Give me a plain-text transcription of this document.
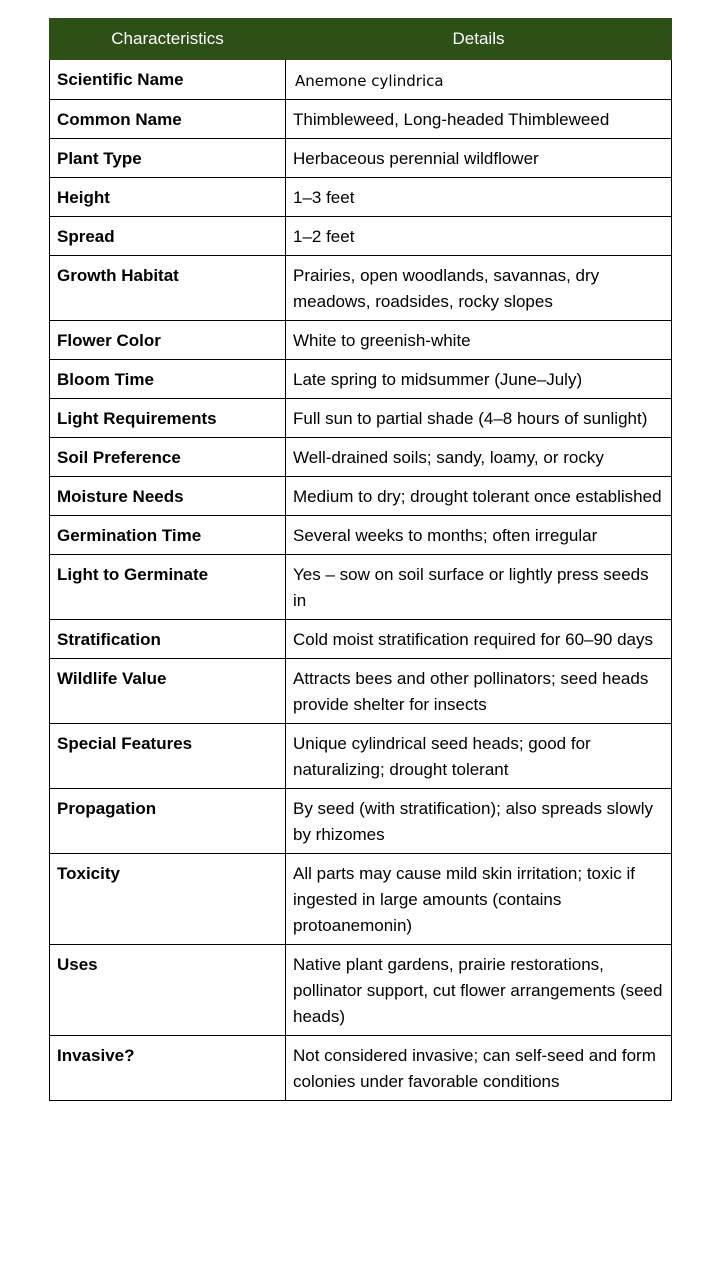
Characteristics	Details
Scientific Name	Anemone cylindrica
Common Name	Thimbleweed, Long-headed Thimbleweed
Plant Type	Herbaceous perennial wildflower
Height	1–3 feet
Spread	1–2 feet
Growth Habitat	Prairies, open woodlands, savannas, dry meadows, roadsides, rocky slopes
Flower Color	White to greenish-white
Bloom Time	Late spring to midsummer (June–July)
Light Requirements	Full sun to partial shade (4–8 hours of sunlight)
Soil Preference	Well-drained soils; sandy, loamy, or rocky
Moisture Needs	Medium to dry; drought tolerant once established
Germination Time	Several weeks to months; often irregular
Light to Germinate	Yes – sow on soil surface or lightly press seeds in
Stratification	Cold moist stratification required for 60–90 days
Wildlife Value	Attracts bees and other pollinators; seed heads provide shelter for insects
Special Features	Unique cylindrical seed heads; good for naturalizing; drought tolerant
Propagation	By seed (with stratification); also spreads slowly by rhizomes
Toxicity	All parts may cause mild skin irritation; toxic if ingested in large amounts (contains protoanemonin)
Uses	Native plant gardens, prairie restorations, pollinator support, cut flower arrangements (seed heads)
Invasive?	Not considered invasive; can self-seed and form colonies under favorable conditions
